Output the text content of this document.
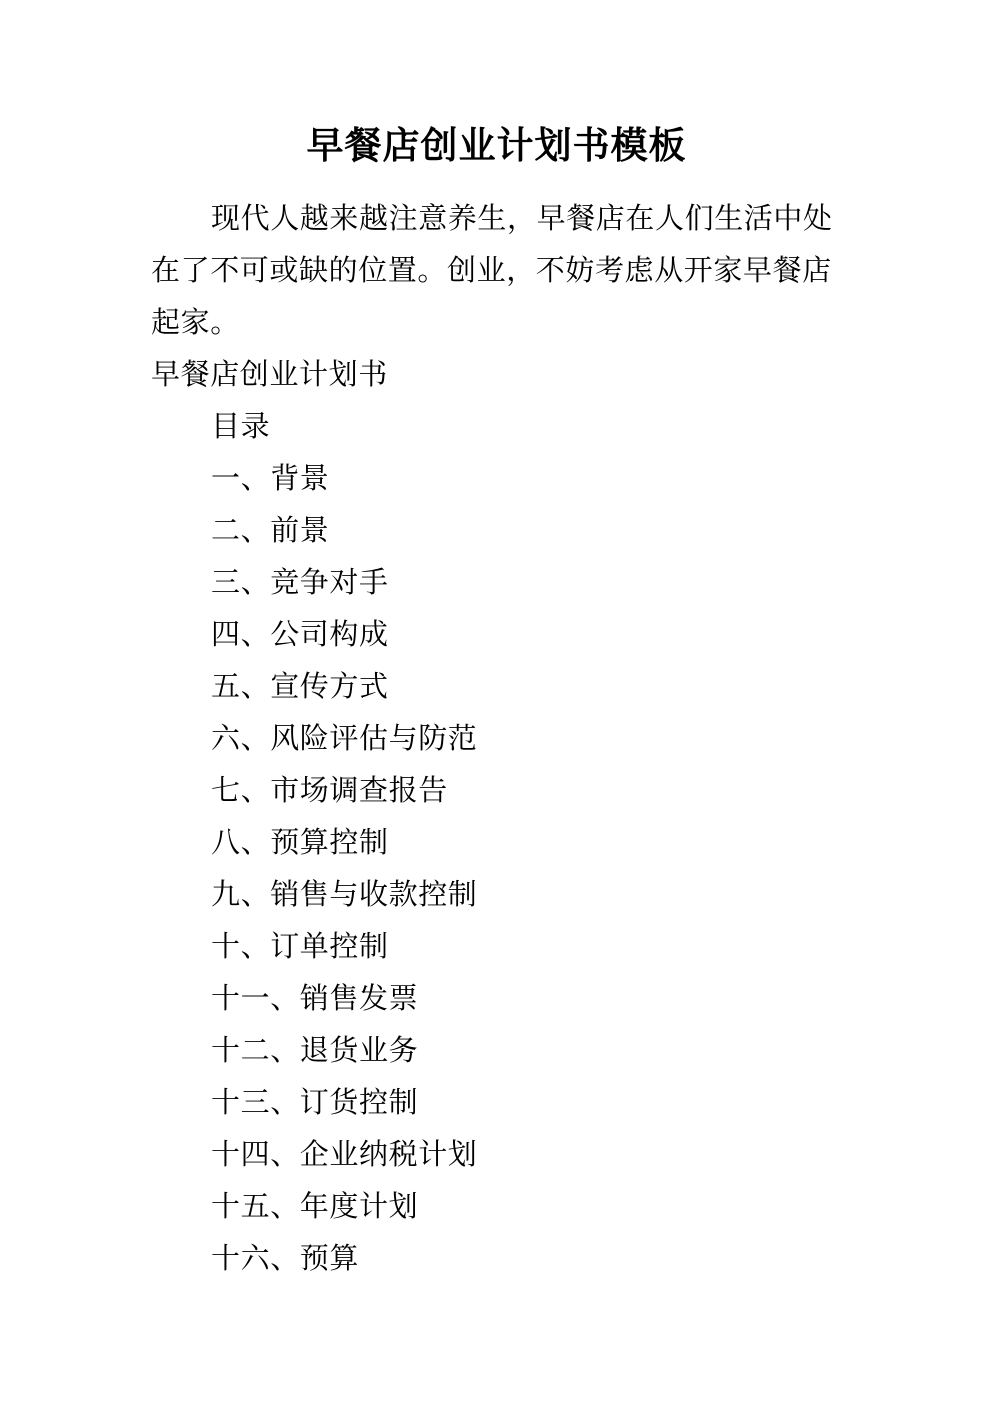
早餐店创业计划书模板

现代人越来越注意养生，早餐店在人们生活中处在了不可或缺的位置。创业，不妨考虑从开家早餐店起家。

早餐店创业计划书

目录
一、背景
二、前景
三、竞争对手
四、公司构成
五、宣传方式
六、风险评估与防范
七、市场调查报告
八、预算控制
九、销售与收款控制
十、订单控制
十一、销售发票
十二、退货业务
十三、订货控制
十四、企业纳税计划
十五、年度计划
十六、预算
